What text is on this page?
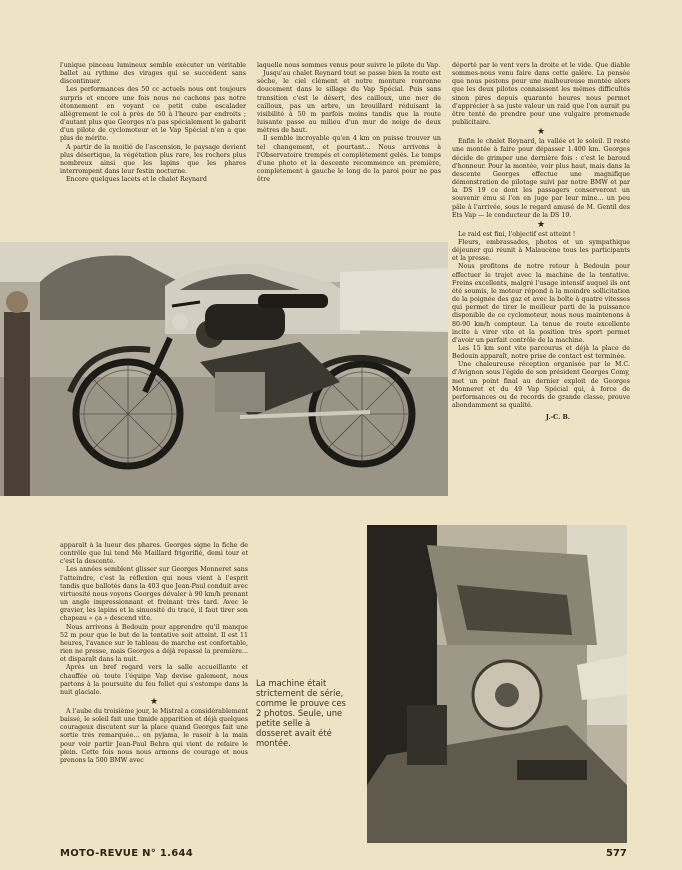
l'unique pinceau lumineux semble exécuter un véritable ballet au rythme des virages qui se succèdent sans discontinuer.

Les performances des 50 cc actuels nous ont toujours surpris et encore une fois nous ne cachons pas notre étonnement en voyant ce petit cube escalader allègrement le col à près de 50 à l'heure par endroits ; d'autant plus que Georges n'a pas spécialement le gabarit d'un pilote de cyclomoteur et le Vap Spécial n'en a que plus de mérite.

A partir de la moitié de l'ascension, le paysage devient plus désertique, la végétation plus rare, les rochers plus nombreux ainsi que les lapins que les phares interrompent dans leur festin nocturne.

Encore quelques lacets et le chalet Reynard

laquelle nous sommes venus pour suivre le pilote du Vap.

Jusqu'au chalet Reynard tout se passe bien la route est sèche, le ciel clément et notre monture ronronne doucement dans le sillage du Vap Spécial. Puis sans transition c'est le désert, des cailloux, une mer de cailloux, pas un arbre, un brouillard réduisant la visibilité à 50 m parfois moins tandis que la route luisante passe au milieu d'un mur de neige de deux mètres de haut.

Il semble incroyable qu'en 4 km on puisse trouver un tel changement, et pourtant... Nous arrivons à l'Observatoire trempés et complètement gelés. Le temps d'une photo et la descente recommence en première, complètement à gauche le long de la paroi pour ne pas être

déporté par le vent vers la droite et le vide. Que diable sommes-nous venu faire dans cette galère. La pensée que nous pestons pour une malheureuse montée alors que les deux pilotes connaissent les mêmes difficultés sinon pires depuis quarante heures nous permet d'apprécier à sa juste valeur un raid que l'on aurait pu être tenté de prendre pour une vulgaire promenade publicitaire.

★

Enfin le chalet Reynard, la vallée et le soleil. Il reste une montée à faire pour dépasser 1.400 km. Georges décide de grimper une dernière fois : c'est le baroud d'honneur. Pour la montée, voir plus haut, mais dans la descente Georges effectue une magnifique démonstration de pilotage suivi par notre BMW et par la DS 19 ce dont les passagers conserveront un souvenir ému si l'on en juge par leur mine... un peu pâle à l'arrivée, sous le regard amusé de M. Gentil des Ets Vap — le conducteur de la DS 19.

★

Le raid est fini, l'objectif est atteint !

Fleurs, embrassades, photos et un sympathique déjeuner qui réunit à Malaucène tous les participants et la presse.

Nous profitons de notre retour à Bedouin pour effectuer le trajet avec la machine de la tentative. Freins excellents, malgré l'usage intensif auquel ils ont été soumis, le moteur répond à la moindre sollicitation de la poignée des gaz et avec la boîte à quatre vitesses qui permet de tirer le meilleur parti de la puissance disponible de ce cyclomoteur, nous nous maintenons à 80-90 km/h compteur. La tenue de route excellente incite à virer vite et la position très sport permet d'avoir un parfait contrôle de la machine.

Les 15 km sont vite parcourus et déjà la place de Bedouin apparaît, notre prise de contact est terminée.

Une chaleureuse réception organisée par le M.C. d'Avignon sous l'égide de son président Georges Comy, met un point final au dernier exploit de Georges Monneret et du 49 Vap Spécial qui, à force de performances ou de records de grande classe, prouve abondamment sa qualité.

J.-C. B.

apparaît à la lueur des phares. Georges signe la fiche de contrôle que lui tend Me Maillard frigorifié, demi tour et c'est la descente.

Les années semblent glisser sur Georges Monneret sans l'atteindre, c'est la réflexion qui nous vient à l'esprit tandis que ballotés dans la 403 que Jean-Paul conduit avec virtuosité nous voyons Georges dévaler à 90 km/h prenant un angle impressionnant et freinant très tard. Avec le gravier, les lapins et la sinuosité du tracé, il faut tirer son chapeau « ça » descend vite.

Nous arrivons à Bedouin pour apprendre qu'il manque 52 m pour que le but de la tentative soit atteint. Il est 11 heures, l'avance sur le tableau de marche est confortable, rien ne presse, mais Georges a déjà repassé la première... et disparaît dans la nuit.

Après un bref regard vers la salle accueillante et chauffée où toute l'équipe Vap devise galement, nous partons à la poursuite du feu follet qui s'estompe dans la nuit glaciale.

★

A l'aube du troisième jour, le Mistral a considérablement baissé, le soleil fait une timide apparition et déjà quelques courageux discutent sur la place quand Georges fait une sortie très remarquée... en pyjama, le rasoir à la main pour voir partir Jean-Paul Behra qui vient de refaire le plein. Cette fois nous nous armons de courage et nous prenons la 500 BMW avec

La machine était strictement de série, comme le prouve ces 2 photos. Seule, une petite selle à dosseret avait été montée.
MOTO-REVUE N° 1.644	577
